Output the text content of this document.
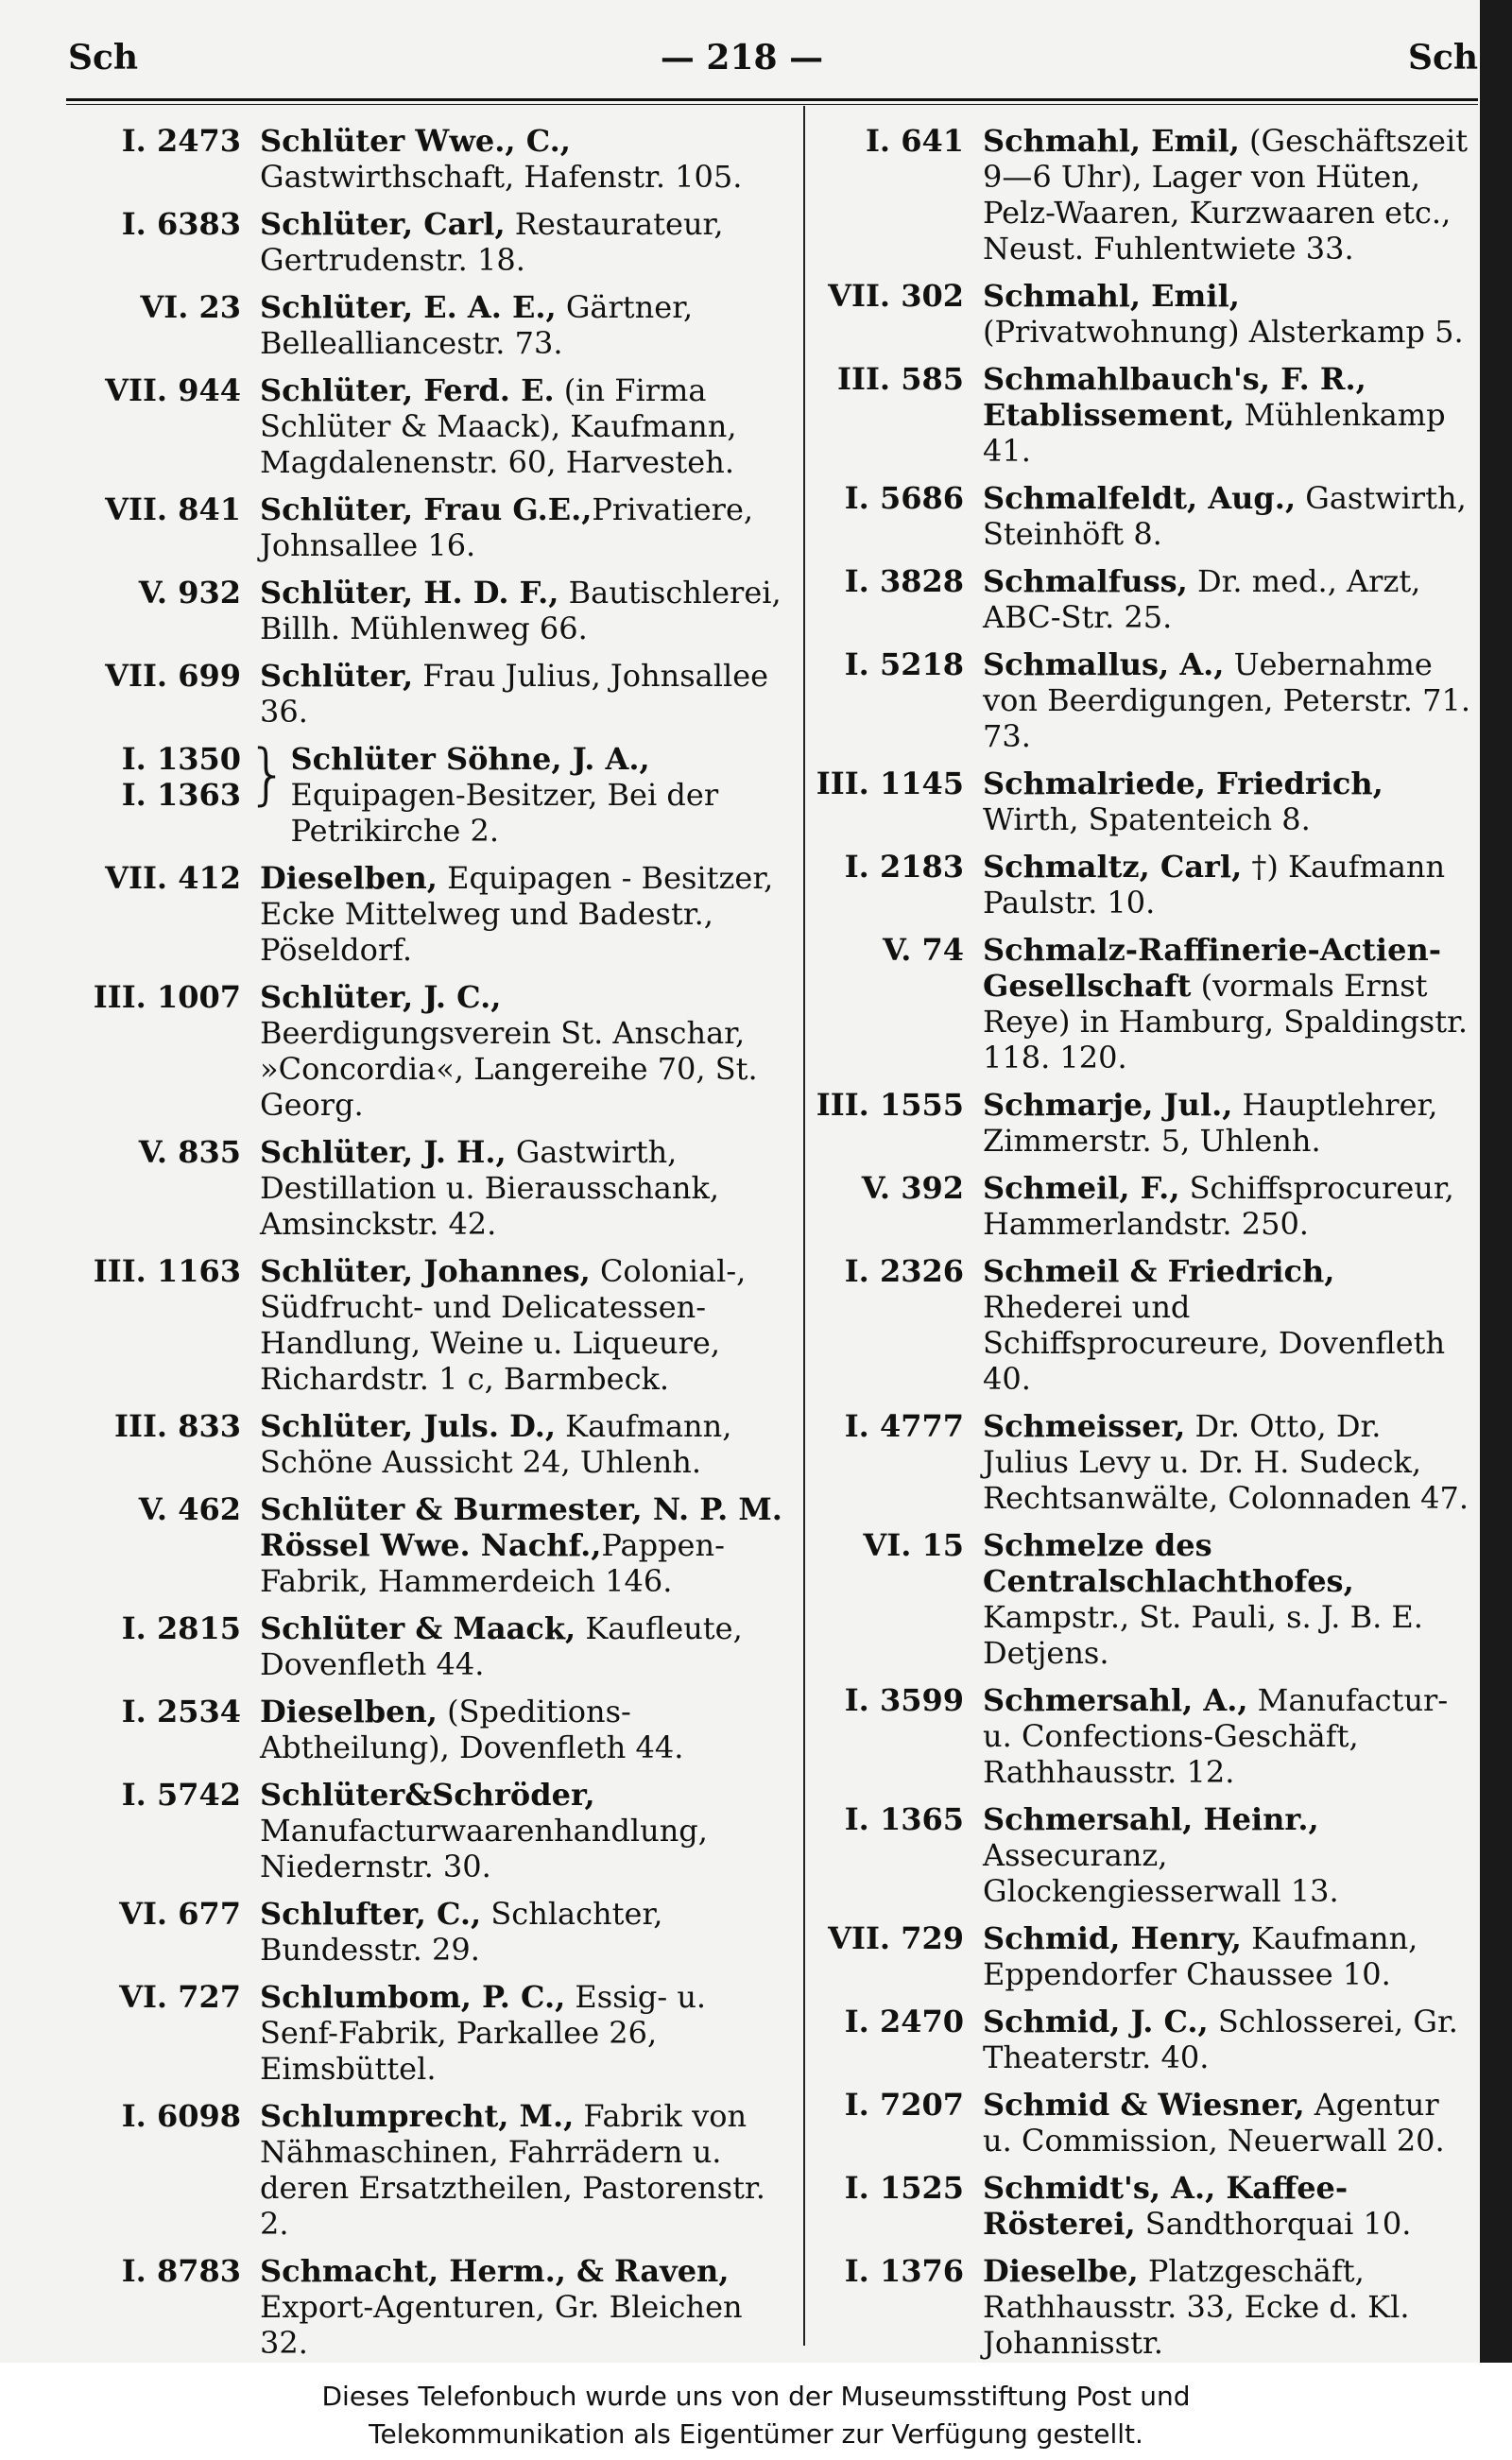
Sch	— 218 —	Sch
I. 2473 Schlüter Wwe., C., Gastwirthschaft, Hafenstr. 105.
I. 6383 Schlüter, Carl, Restaurateur, Gertrudenstr. 18.
VI. 23 Schlüter, E. A. E., Gärtner, Bellealliancestr. 73.
VII. 944 Schlüter, Ferd. E. (in Firma Schlüter & Maack), Kaufmann, Magdalenenstr. 60, Harvesteh.
VII. 841 Schlüter, Frau G.E.,Privatiere, Johnsallee 16.
V. 932 Schlüter, H. D. F., Bautischlerei, Billh. Mühlenweg 66.
VII. 699 Schlüter, Frau Julius, Johnsallee 36.
I. 1350
I. 1363 } Schlüter Söhne, J. A., Equipagen-Besitzer, Bei der Petrikirche 2.
VII. 412 Dieselben, Equipagen - Besitzer, Ecke Mittelweg und Badestr., Pöseldorf.
III. 1007 Schlüter, J. C., Beerdigungsverein St. Anschar, »Concordia«, Langereihe 70, St. Georg.
V. 835 Schlüter, J. H., Gastwirth, Destillation u. Bierausschank, Amsinckstr. 42.
III. 1163 Schlüter, Johannes, Colonial-, Südfrucht- und Delicatessen-Handlung, Weine u. Liqueure, Richardstr. 1 c, Barmbeck.
III. 833 Schlüter, Juls. D., Kaufmann, Schöne Aussicht 24, Uhlenh.
V. 462 Schlüter & Burmester, N. P. M. Rössel Wwe. Nachf.,Pappen-Fabrik, Hammerdeich 146.
I. 2815 Schlüter & Maack, Kaufleute, Dovenfleth 44.
I. 2534 Dieselben, (Speditions-Abtheilung), Dovenfleth 44.
I. 5742 Schlüter&Schröder, Manufacturwaarenhandlung, Niedernstr. 30.
VI. 677 Schlufter, C., Schlachter, Bundesstr. 29.
VI. 727 Schlumbom, P. C., Essig- u. Senf-Fabrik, Parkallee 26, Eimsbüttel.
I. 6098 Schlumprecht, M., Fabrik von Nähmaschinen, Fahrrädern u. deren Ersatztheilen, Pastorenstr. 2.
I. 8783 Schmacht, Herm., & Raven, Export-Agenturen, Gr. Bleichen 32.
I. 641 Schmahl, Emil, (Geschäftszeit 9—6 Uhr), Lager von Hüten, Pelz-Waaren, Kurzwaaren etc., Neust. Fuhlentwiete 33.
VII. 302 Schmahl, Emil, (Privatwohnung) Alsterkamp 5.
III. 585 Schmahlbauch's, F. R., Etablissement, Mühlenkamp 41.
I. 5686 Schmalfeldt, Aug., Gastwirth, Steinhöft 8.
I. 3828 Schmalfuss, Dr. med., Arzt, ABC-Str. 25.
I. 5218 Schmallus, A., Uebernahme von Beerdigungen, Peterstr. 71. 73.
III. 1145 Schmalriede, Friedrich, Wirth, Spatenteich 8.
I. 2183 Schmaltz, Carl, †) Kaufmann Paulstr. 10.
V. 74 Schmalz-Raffinerie-Actien-Gesellschaft (vormals Ernst Reye) in Hamburg, Spaldingstr. 118. 120.
III. 1555 Schmarje, Jul., Hauptlehrer, Zimmerstr. 5, Uhlenh.
V. 392 Schmeil, F., Schiffsprocureur, Hammerlandstr. 250.
I. 2326 Schmeil & Friedrich, Rhederei und Schiffsprocureure, Dovenfleth 40.
I. 4777 Schmeisser, Dr. Otto, Dr. Julius Levy u. Dr. H. Sudeck, Rechtsanwälte, Colonnaden 47.
VI. 15 Schmelze des Centralschlachthofes, Kampstr., St. Pauli, s. J. B. E. Detjens.
I. 3599 Schmersahl, A., Manufactur- u. Confections-Geschäft, Rathhausstr. 12.
I. 1365 Schmersahl, Heinr., Assecuranz, Glockengiesserwall 13.
VII. 729 Schmid, Henry, Kaufmann, Eppendorfer Chaussee 10.
I. 2470 Schmid, J. C., Schlosserei, Gr. Theaterstr. 40.
I. 7207 Schmid & Wiesner, Agentur u. Commission, Neuerwall 20.
I. 1525 Schmidt's, A., Kaffee-Rösterei, Sandthorquai 10.
I. 1376 Dieselbe, Platzgeschäft, Rathhausstr. 33, Ecke d. Kl. Johannisstr.
Dieses Telefonbuch wurde uns von der Museumsstiftung Post und
Telekommunikation als Eigentümer zur Verfügung gestellt.
